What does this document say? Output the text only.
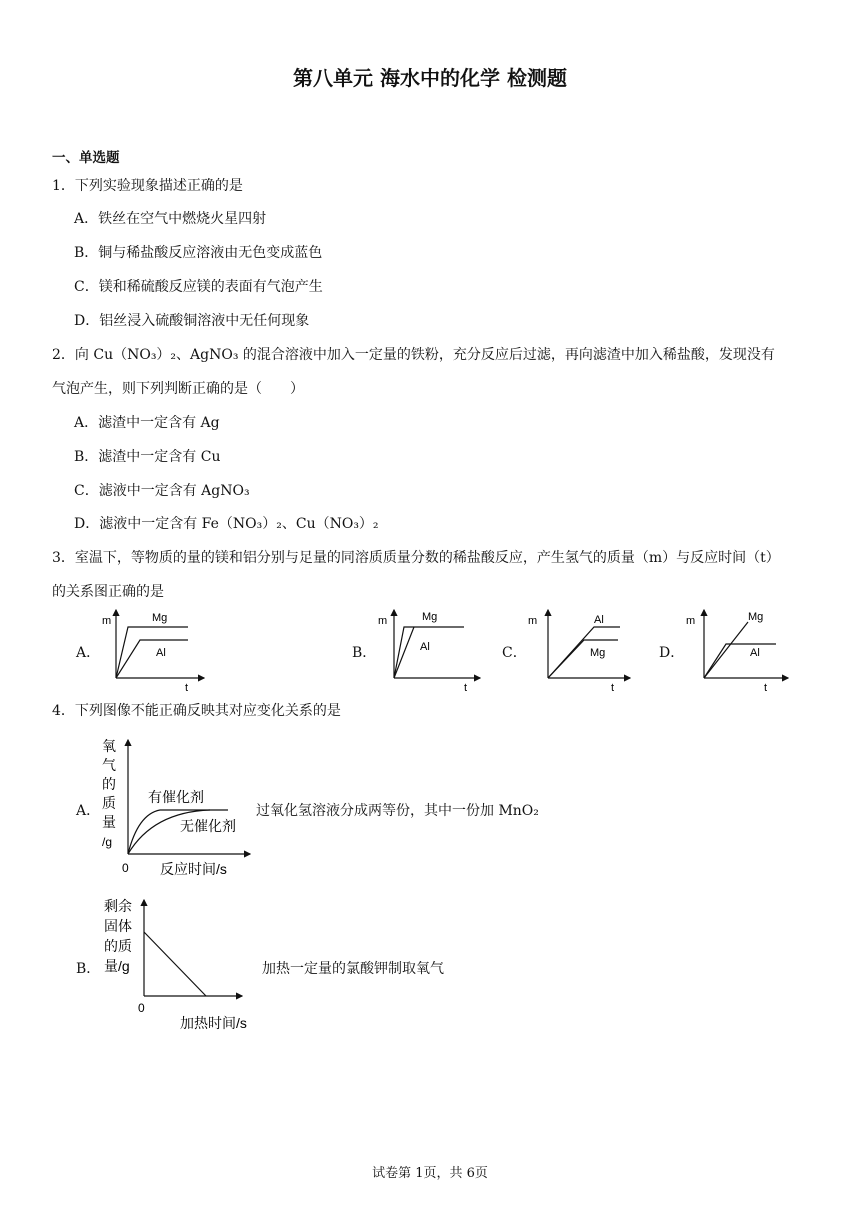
第八单元 海水中的化学 检测题
一、单选题
1．下列实验现象描述正确的是
A．铁丝在空气中燃烧火星四射
B．铜与稀盐酸反应溶液由无色变成蓝色
C．镁和稀硫酸反应镁的表面有气泡产生
D．铝丝浸入硫酸铜溶液中无任何现象
2．向 Cu（NO₃）₂、AgNO₃ 的混合溶液中加入一定量的铁粉，充分反应后过滤，再向滤渣中加入稀盐酸，发现没有
气泡产生，则下列判断正确的是（　　）
A．滤渣中一定含有 Ag
B．滤渣中一定含有 Cu
C．滤液中一定含有 AgNO₃
D．滤液中一定含有 Fe（NO₃）₂、Cu（NO₃）₂
3．室温下，等物质的量的镁和铝分别与足量的同溶质质量分数的稀盐酸反应，产生氢气的质量（m）与反应时间（t）
的关系图正确的是
A．	B．	C．	D．
m	Mg
Al
t
m	Mg
Al
t
m	Al
Mg
t
m	Mg
Al
t
4．下列图像不能正确反映其对应变化关系的是
A．
氧
气
的
质
量
/g
有催化剂
无催化剂
0 反应时间/s
过氧化氢溶液分成两等份，其中一份加 MnO₂
B．
剩余
固体
的质
量/g
0
加热时间/s
加热一定量的氯酸钾制取氧气
试卷第 1页，共 6页
